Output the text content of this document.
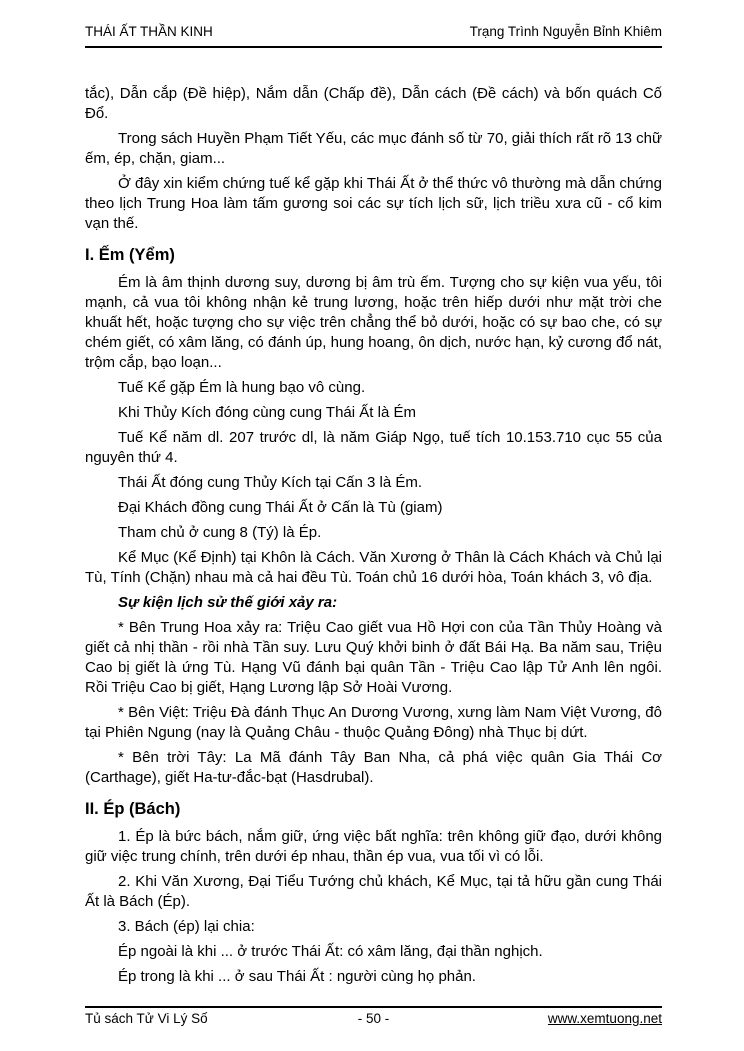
THÁI ẤT THẦN KINH	Trạng Trình Nguyễn Bỉnh Khiêm
tắc), Dẫn cắp (Đề hiệp), Nắm dẫn (Chấp đề), Dẫn cách (Đề cách) và bốn quách Cố Đổ.
Trong sách Huyền Phạm Tiết Yếu, các mục đánh số từ 70, giải thích rất rõ 13 chữ ếm, ép, chặn, giam...
Ở đây xin kiểm chứng tuế kể gặp khi Thái Ất ở thể thức vô thường mà dẫn chứng theo lịch Trung Hoa làm tấm gương soi các sự tích lịch sữ, lịch triều xưa cũ - cổ kim vạn thế.
I. Ếm (Yểm)
Ém là âm thịnh dương suy, dương bị âm trù ếm. Tượng cho sự kiện vua yếu, tôi mạnh, cả vua tôi không nhận kẻ trung lương, hoặc trên hiếp dưới như mặt trời che khuất hết, hoặc tượng cho sự việc trên chẳng thể bỏ dưới, hoặc có sự bao che, có sự chém giết, có xâm lăng, có đánh úp, hung hoang, ôn dịch, nước hạn, kỷ cương đổ nát, trộm cắp, bạo loạn...
Tuế Kể gặp Ém là hung bạo vô cùng.
Khi Thủy Kích đóng cùng cung Thái Ất là Ém
Tuế Kể năm dl. 207 trước dl, là năm Giáp Ngọ, tuế tích 10.153.710 cục 55 của nguyên thứ 4.
Thái Ất đóng cung Thủy Kích tại Cấn 3 là Ém.
Đại Khách đồng cung Thái Ất ở Cấn là Tù (giam)
Tham chủ ở cung 8 (Tý) là Ép.
Kể Mục (Kể Định) tại Khôn là Cách. Văn Xương ở Thân là Cách Khách và Chủ lại Tù, Tính (Chặn) nhau mà cả hai đều Tù. Toán chủ 16 dưới hòa, Toán khách 3, vô địa.
Sự kiện lịch sử thế giới xảy ra:
* Bên Trung Hoa xảy ra: Triệu Cao giết vua Hồ Hợi con của Tần Thủy Hoàng và giết cả nhị thần - rồi nhà Tần suy. Lưu Quý khởi binh ở đất Bái Hạ. Ba năm sau, Triệu Cao bị giết là ứng Tù. Hạng Vũ đánh bại quân Tần - Triệu Cao lập Tử Anh lên ngôi. Rồi Triệu Cao bị giết, Hạng Lương lập Sở Hoài Vương.
* Bên Việt: Triệu Đà đánh Thục An Dương Vương, xưng làm Nam Việt Vương, đô tại Phiên Ngung (nay là Quảng Châu - thuộc Quảng Đông) nhà Thục bị dứt.
* Bên trời Tây: La Mã đánh Tây Ban Nha, cả phá việc quân Gia Thái Cơ (Carthage), giết Ha-tư-đắc-bạt (Hasdrubal).
II. Ép (Bách)
1. Ép là bức bách, nắm giữ, ứng việc bất nghĩa: trên không giữ đạo, dưới không giữ việc trung chính, trên dưới ép nhau, thần ép vua, vua tối vì có lỗi.
2. Khi Văn Xương, Đại Tiểu Tướng chủ khách, Kể Mục, tại tả hữu gần cung Thái Ất là Bách (Ép).
3. Bách (ép) lại chia:
Ép ngoài là khi ... ở trước Thái Ất: có xâm lăng, đại thần nghịch.
Ép trong là khi ... ở sau Thái Ất : người cùng họ phản.
Tủ sách Tử Vi Lý Số	- 50 -	www.xemtuong.net
